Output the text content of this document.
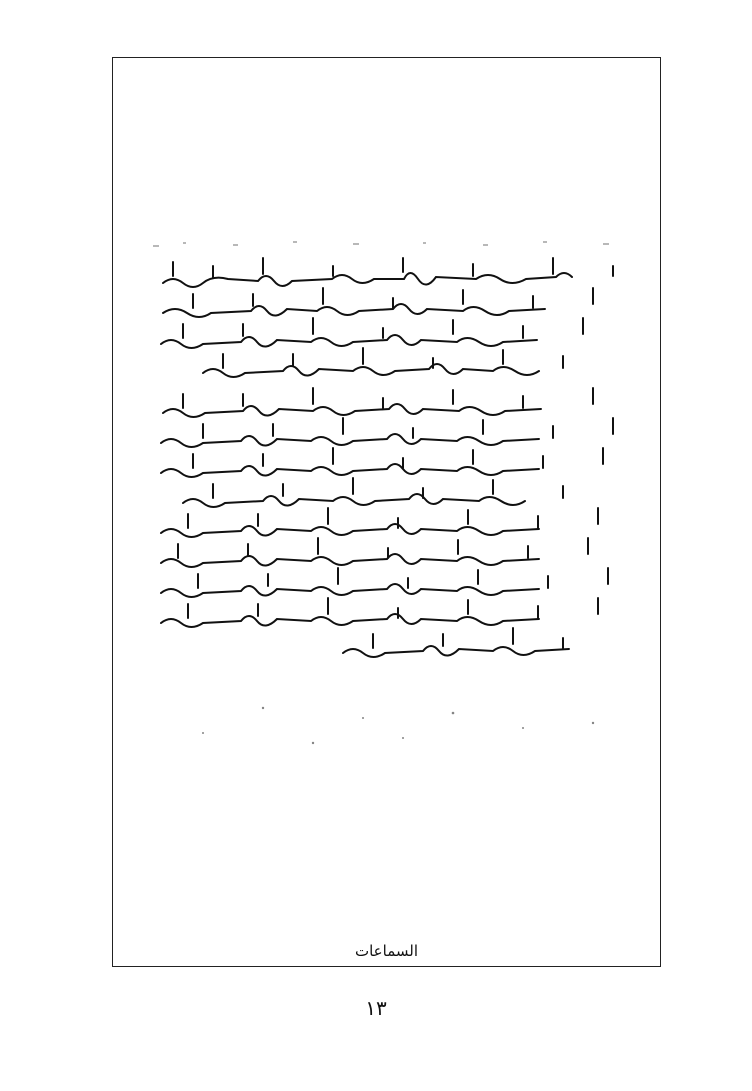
السماعات
١٣
